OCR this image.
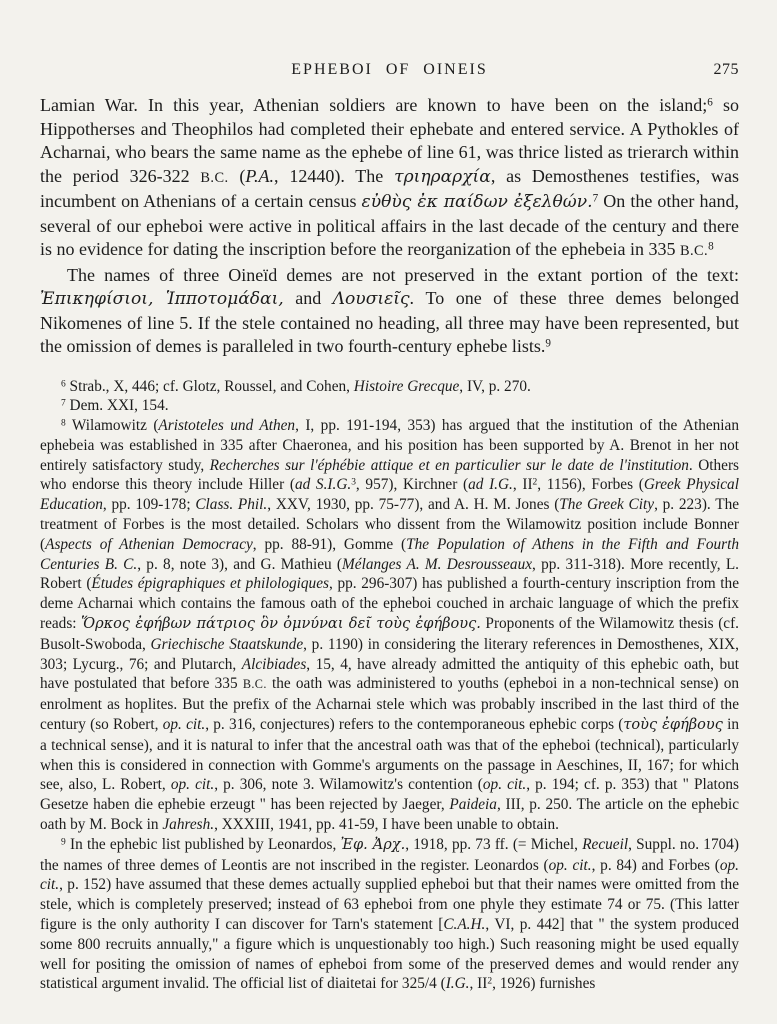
EPHEBOI OF OINEIS	275

Lamian War. In this year, Athenian soldiers are known to have been on the island;$^6$ so Hippotherses and Theophilos had completed their ephebate and entered service. A Pythokles of Acharnai, who bears the same name as the ephebe of line 61, was thrice listed as trierarch within the period 326-322 B.C. (P.A., 12440). The τριηραρχία, as Demosthenes testifies, was incumbent on Athenians of a certain census εὐθὺς ἐκ παίδων ἐξελθών.$^7$ On the other hand, several of our epheboi were active in political affairs in the last decade of the century and there is no evidence for dating the inscription before the reorganization of the ephebeia in 335 B.C.$^8$

The names of three Oineïd demes are not preserved in the extant portion of the text: Ἐπικηφίσιοι, Ἱπποτομάδαι, and Λουσιεῖς. To one of these three demes belonged Nikomenes of line 5. If the stele contained no heading, all three may have been represented, but the omission of demes is paralleled in two fourth-century ephebe lists.$^9$

$^6$ Strab., X, 446; cf. Glotz, Roussel, and Cohen, Histoire Grecque, IV, p. 270.

$^7$ Dem. XXI, 154.

$^8$ Wilamowitz (Aristoteles und Athen, I, pp. 191-194, 353) has argued that the institution of the Athenian ephebeia was established in 335 after Chaeronea, and his position has been supported by A. Brenot in her not entirely satisfactory study, Recherches sur l'éphébie attique et en particulier sur le date de l'institution. Others who endorse this theory include Hiller (ad S.I.G.$^3$, 957), Kirchner (ad I.G., $II^2$, 1156), Forbes (Greek Physical Education, pp. 109-178; Class. Phil., XXV, 1930, pp. 75-77), and A. H. M. Jones (The Greek City, p. 223). The treatment of Forbes is the most detailed. Scholars who dissent from the Wilamowitz position include Bonner (Aspects of Athenian Democracy, pp. 88-91), Gomme (The Population of Athens in the Fifth and Fourth Centuries B. C., p. 8, note 3), and G. Mathieu (Mélanges A. M. Desrousseaux, pp. 311-318). More recently, L. Robert (Études épigraphiques et philologiques, pp. 296-307) has published a fourth-century inscription from the deme Acharnai which contains the famous oath of the epheboi couched in archaic language of which the prefix reads: Ὅρκος ἐφήβων πάτριος ὃν ὀμνύναι δεῖ τοὺς ἐφήβους. Proponents of the Wilamowitz thesis (cf. Busolt-Swoboda, Griechische Staatskunde, p. 1190) in considering the literary references in Demosthenes, XIX, 303; Lycurg., 76; and Plutarch, Alcibiades, 15, 4, have already admitted the antiquity of this ephebic oath, but have postulated that before 335 B.C. the oath was administered to youths (epheboi in a non-technical sense) on enrolment as hoplites. But the prefix of the Acharnai stele which was probably inscribed in the last third of the century (so Robert, op. cit., p. 316, conjectures) refers to the contemporaneous ephebic corps (τοὺς ἐφήβους in a technical sense), and it is natural to infer that the ancestral oath was that of the epheboi (technical), particularly when this is considered in connection with Gomme's arguments on the passage in Aeschines, II, 167; for which see, also, L. Robert, op. cit., p. 306, note 3. Wilamowitz's contention (op. cit., p. 194; cf. p. 353) that " Platons Gesetze haben die ephebie erzeugt " has been rejected by Jaeger, Paideia, III, p. 250. The article on the ephebic oath by M. Bock in Jahresh., XXXIII, 1941, pp. 41-59, I have been unable to obtain.

$^9$ In the ephebic list published by Leonardos, Ἐφ. Ἀρχ., 1918, pp. 73 ff. (= Michel, Recueil, Suppl. no. 1704) the names of three demes of Leontis are not inscribed in the register. Leonardos (op. cit., p. 84) and Forbes (op. cit., p. 152) have assumed that these demes actually supplied epheboi but that their names were omitted from the stele, which is completely preserved; instead of 63 epheboi from one phyle they estimate 74 or 75. (This latter figure is the only authority I can discover for Tarn's statement [C.A.H., VI, p. 442] that " the system produced some 800 recruits annually," a figure which is unquestionably too high.) Such reasoning might be used equally well for positing the omission of names of epheboi from some of the preserved demes and would render any statistical argument invalid. The official list of diaitetai for 325/4 (I.G., $II^2$, 1926) furnishes
